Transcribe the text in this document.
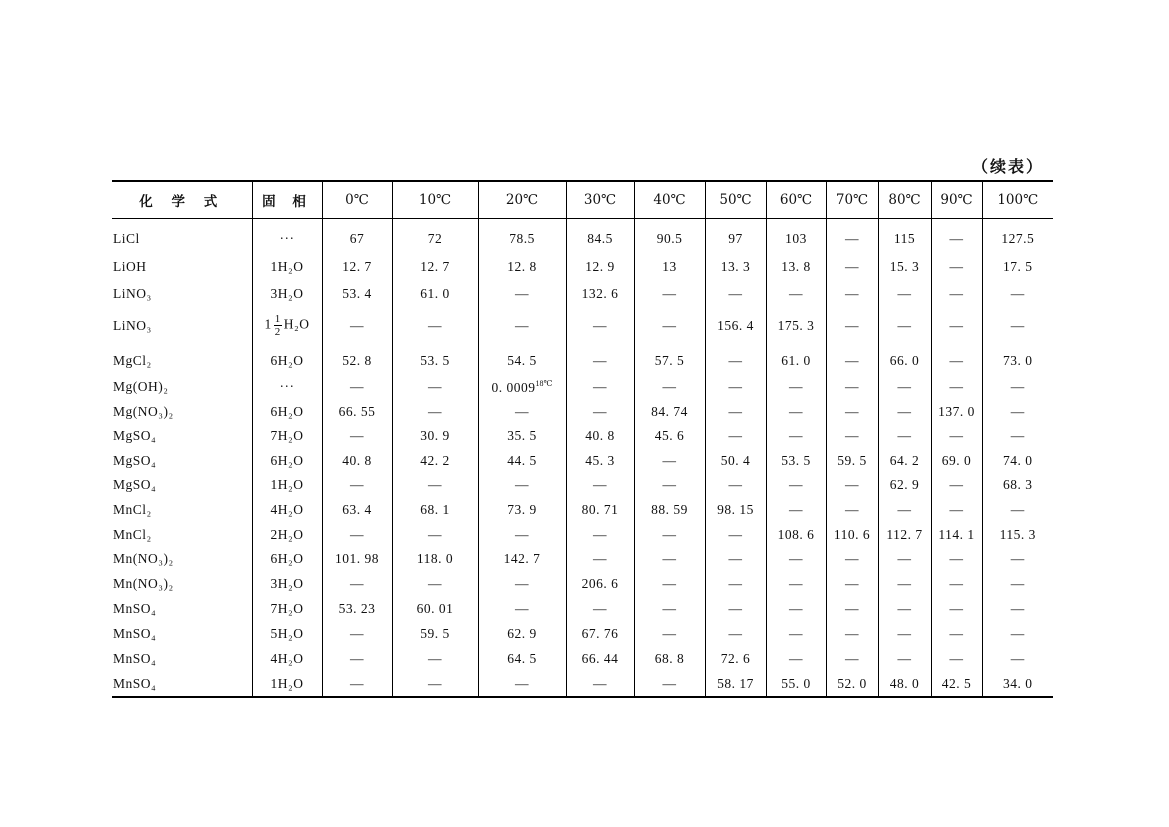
（续表）
化 学 式	固 相	0℃	10℃	20℃	30℃	40℃	50℃	60℃	70℃	80℃	90℃	100℃
LiCl	···	67	72	78.5	84.5	90.5	97	103	—	115	—	127.5
LiOH	1H₂O	12. 7	12. 7	12. 8	12. 9	13	13. 3	13. 8	—	15. 3	—	17. 5
LiNO₃	3H₂O	53. 4	61. 0	—	132. 6	—	—	—	—	—	—	—
LiNO₃	$1 \frac{1}{2} H_2O$	—	—	—	—	—	156. 4	175. 3	—	—	—	—
MgCl₂	6H₂O	52. 8	53. 5	54. 5	—	57. 5	—	61. 0	—	66. 0	—	73. 0
Mg(OH)₂	···	—	—	0. $0009^{18℃}$	—	—	—	—	—	—	—	—
Mg(NO₃)₂	6H₂O	66. 55	—	—	—	84. 74	—	—	—	—	137. 0	—
MgSO₄	7H₂O	—	30. 9	35. 5	40. 8	45. 6	—	—	—	—	—	—
MgSO₄	6H₂O	40. 8	42. 2	44. 5	45. 3	—	50. 4	53. 5	59. 5	64. 2	69. 0	74. 0
MgSO₄	1H₂O	—	—	—	—	—	—	—	—	62. 9	—	68. 3
MnCl₂	4H₂O	63. 4	68. 1	73. 9	80. 71	88. 59	98. 15	—	—	—	—	—
MnCl₂	2H₂O	—	—	—	—	—	—	108. 6	110. 6	112. 7	114. 1	115. 3
Mn(NO₃)₂	6H₂O	101. 98	118. 0	142. 7	—	—	—	—	—	—	—	—
Mn(NO₃)₂	3H₂O	—	—	—	206. 6	—	—	—	—	—	—	—
MnSO₄	7H₂O	53. 23	60. 01	—	—	—	—	—	—	—	—	—
MnSO₄	5H₂O	—	59. 5	62. 9	67. 76	—	—	—	—	—	—	—
MnSO₄	4H₂O	—	—	64. 5	66. 44	68. 8	72. 6	—	—	—	—	—
MnSO₄	1H₂O	—	—	—	—	—	58. 17	55. 0	52. 0	48. 0	42. 5	34. 0
